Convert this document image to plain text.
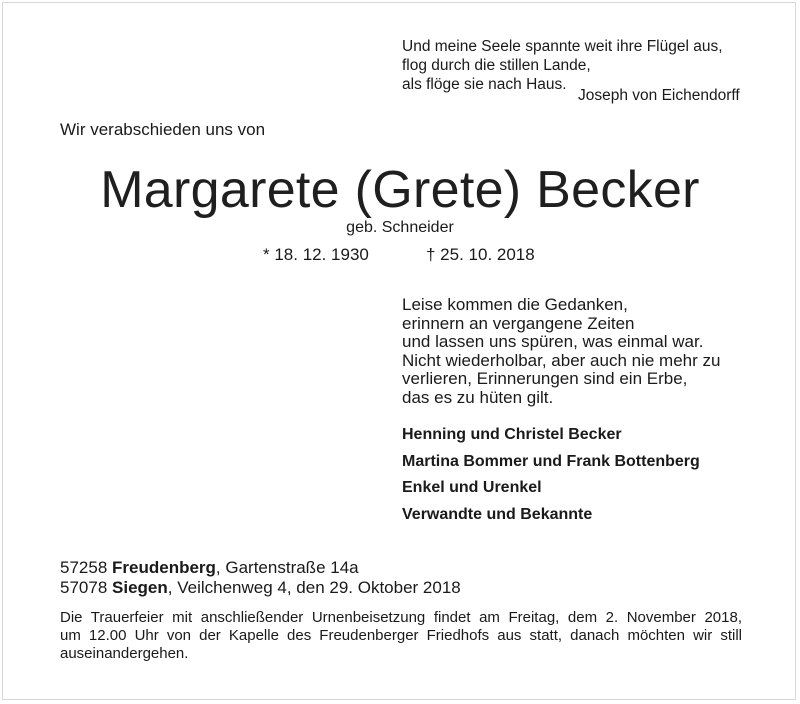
Und meine Seele spannte weit ihre Flügel aus,
flog durch die stillen Lande,
als flöge sie nach Haus.
Joseph von Eichendorff
Wir verabschieden uns von
Margarete (Grete) Becker
geb. Schneider
* 18. 12. 1930	† 25. 10. 2018
Leise kommen die Gedanken,
erinnern an vergangene Zeiten
und lassen uns spüren, was einmal war.
Nicht wiederholbar, aber auch nie mehr zu
verlieren, Erinnerungen sind ein Erbe,
das es zu hüten gilt.
Henning und Christel Becker
Martina Bommer und Frank Bottenberg
Enkel und Urenkel
Verwandte und Bekannte
57258 Freudenberg, Gartenstraße 14a
57078 Siegen, Veilchenweg 4, den 29. Oktober 2018
Die Trauerfeier mit anschließender Urnenbeisetzung findet am Freitag, dem 2. November 2018,
um 12.00 Uhr von der Kapelle des Freudenberger Friedhofs aus statt, danach möchten wir still
auseinandergehen.
